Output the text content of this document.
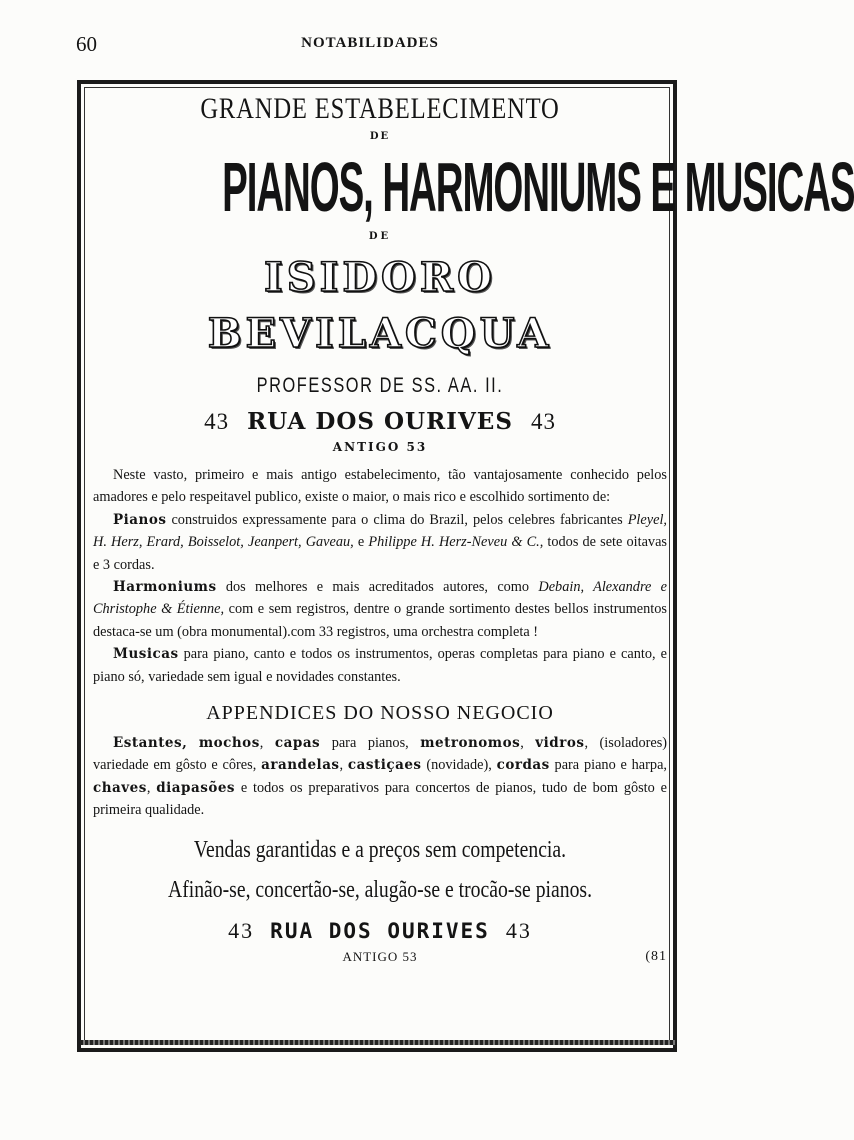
60	NOTABILIDADES
GRANDE ESTABELECIMENTO
DE
PIANOS, HARMONIUMS E MUSICAS
DE
ISIDORO BEVILACQUA
PROFESSOR DE SS. AA. II.
43 RUA DOS OURIVES 43
ANTIGO 53

Neste vasto, primeiro e mais antigo estabelecimento, tão vantajosamente conhecido pelos amadores e pelo respeitavel publico, existe o maior, o mais rico e escolhido sortimento de:

Pianos construidos expressamente para o clima do Brazil, pelos celebres fabricantes Pleyel, H. Herz, Erard, Boisselot, Jeanpert, Gaveau, e Philippe H. Herz-Neveu & C., todos de sete oitavas e 3 cordas.

Harmoniums dos melhores e mais acreditados autores, como Debain, Alexandre e Christophe & Étienne, com e sem registros, dentre o grande sortimento destes bellos instrumentos destaca-se um (obra monumental).com 33 registros, uma orchestra completa !

Musicas para piano, canto e todos os instrumentos, operas completas para piano e canto, e piano só, variedade sem igual e novidades constantes.

APPENDICES DO NOSSO NEGOCIO

Estantes, mochos, capas para pianos, metronomos, vidros, (isoladores) variedade em gôsto e côres, arandelas, castiçaes (novidade), cordas para piano e harpa, chaves, diapasões e todos os preparativos para concertos de pianos, tudo de bom gôsto e primeira qualidade.

Vendas garantidas e a preços sem competencia.
Afinão-se, concertão-se, alugão-se e trocão-se pianos.
43 RUA DOS OURIVES 43
ANTIGO 53	(81
